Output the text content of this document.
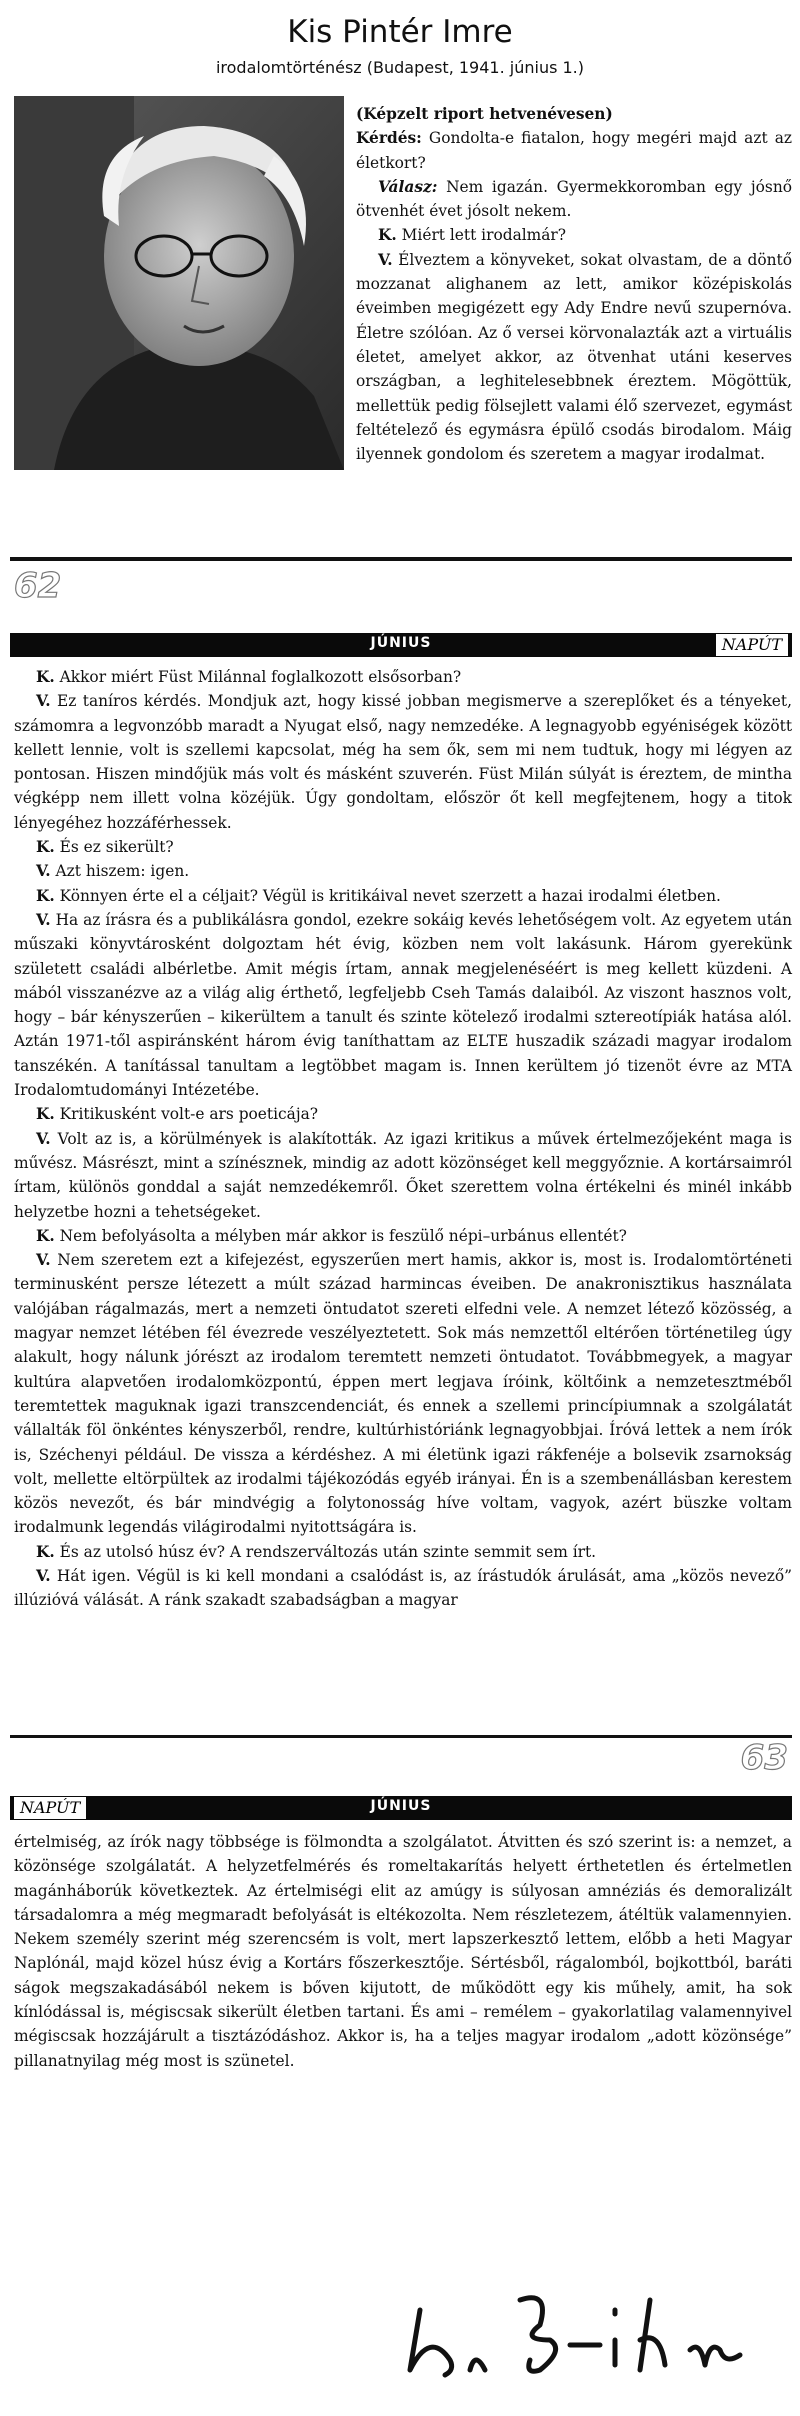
Kis Pintér Imre
irodalomtörténész (Budapest, 1941. június 1.)

(Képzelt riport hetvenévesen)

Kérdés: Gondolta-e fiatalon, hogy megéri majd azt az életkort?

Válasz: Nem igazán. Gyermekkoromban egy jósnő ötvenhét évet jósolt nekem.

K. Miért lett irodalmár?

V. Élveztem a könyveket, sokat olvastam, de a döntő mozzanat alighanem az lett, amikor középiskolás éveimben megigézett egy Ady Endre nevű szupernóva. Életre szólóan. Az ő versei körvonalazták azt a virtuális életet, amelyet akkor, az ötvenhat utáni keserves országban, a leghitelesebbnek éreztem. Mögöttük, mellettük pedig fölsejlett valami élő szervezet, egymást feltételező és egymásra épülő csodás birodalom. Máig ilyennek gondolom és szeretem a magyar irodalmat.

62
JÚNIUS	NAPÚT

K. Akkor miért Füst Milánnal foglalkozott elsősorban?

V. Ez taníros kérdés. Mondjuk azt, hogy kissé jobban megismerve a szereplőket és a tényeket, számomra a legvonzóbb maradt a Nyugat első, nagy nemzedéke. A legnagyobb egyéniségek között kellett lennie, volt is szellemi kapcsolat, még ha sem ők, sem mi nem tudtuk, hogy mi légyen az pontosan. Hiszen mindőjük más volt és másként szuverén. Füst Milán súlyát is éreztem, de mintha végképp nem illett volna közéjük. Úgy gondoltam, először őt kell megfejtenem, hogy a titok lényegéhez hozzáférhessek.

K. És ez sikerült?

V. Azt hiszem: igen.

K. Könnyen érte el a céljait? Végül is kritikáival nevet szerzett a hazai irodalmi életben.

V. Ha az írásra és a publikálásra gondol, ezekre sokáig kevés lehetőségem volt. Az egyetem után műszaki könyvtárosként dolgoztam hét évig, közben nem volt lakásunk. Három gyerekünk született családi albérletbe. Amit mégis írtam, annak megjelenéséért is meg kellett küzdeni. A mából visszanézve az a világ alig érthető, legfeljebb Cseh Tamás dalaiból. Az viszont hasznos volt, hogy – bár kényszerűen – kikerültem a tanult és szinte kötelező irodalmi sztereotípiák hatása alól. Aztán 1971-től aspiránsként három évig taníthattam az ELTE huszadik századi magyar irodalom tanszékén. A tanítással tanultam a legtöbbet magam is. Innen kerültem jó tizenöt évre az MTA Irodalomtudományi Intézetébe.

K. Kritikusként volt-e ars poeticája?

V. Volt az is, a körülmények is alakították. Az igazi kritikus a művek értelmezőjeként maga is művész. Másrészt, mint a színésznek, mindig az adott közönséget kell meggyőznie. A kortársaimról írtam, különös gonddal a saját nemzedékemről. Őket szerettem volna értékelni és minél inkább helyzetbe hozni a tehetségeket.

K. Nem befolyásolta a mélyben már akkor is feszülő népi–urbánus ellentét?

V. Nem szeretem ezt a kifejezést, egyszerűen mert hamis, akkor is, most is. Irodalomtörténeti terminusként persze létezett a múlt század harmincas éveiben. De anakronisztikus használata valójában rágalmazás, mert a nemzeti öntudatot szereti elfedni vele. A nemzet létező közösség, a magyar nemzet létében fél évezrede veszélyeztetett. Sok más nemzettől eltérően történetileg úgy alakult, hogy nálunk jórészt az irodalom teremtett nemzeti öntudatot. Továbbmegyek, a magyar kultúra alapvetően irodalomközpontú, éppen mert legjava íróink, költőink a nemzetesztméből teremtettek maguknak igazi transzcendenciát, és ennek a szellemi princípiumnak a szolgálatát vállalták föl önkéntes kényszerből, rendre, kultúrhistóriánk legnagyobbjai. Íróvá lettek a nem írók is, Széchenyi például. De vissza a kérdéshez. A mi életünk igazi rákfenéje a bolsevik zsarnokság volt, mellette eltörpültek az irodalmi tájékozódás egyéb irányai. Én is a szembenállásban kerestem közös nevezőt, és bár mindvégig a folytonosság híve voltam, vagyok, azért büszke voltam irodalmunk legendás világirodalmi nyitottságára is.

K. És az utolsó húsz év? A rendszerváltozás után szinte semmit sem írt.

V. Hát igen. Végül is ki kell mondani a csalódást is, az írástudók árulását, ama „közös nevező” illúzióvá válását. A ránk szakadt szabadságban a magyar

63
NAPÚT	JÚNIUS

értelmiség, az írók nagy többsége is fölmondta a szolgálatot. Átvitten és szó szerint is: a nemzet, a közönsége szolgálatát. A helyzetfelmérés és romeltakarítás helyett érthetetlen és értelmetlen magánháborúk következtek. Az értelmiségi elit az amúgy is súlyosan amnéziás és demoralizált társadalomra a még megmaradt befolyását is eltékozolta. Nem részletezem, átéltük valamennyien. Nekem személy szerint még szerencsém is volt, mert lapszerkesztő lettem, előbb a heti Magyar Naplónál, majd közel húsz évig a Kortárs főszerkesztője. Sértésből, rágalomból, bojkottból, baráti ságok megszakadásából nekem is bőven kijutott, de működött egy kis műhely, amit, ha sok kínlódással is, mégiscsak sikerült életben tartani. És ami – remélem – gyakorlatilag valamennyivel mégiscsak hozzájárult a tisztázódáshoz. Akkor is, ha a teljes magyar irodalom „adott közönsége” pillanatnyilag még most is szünetel.
